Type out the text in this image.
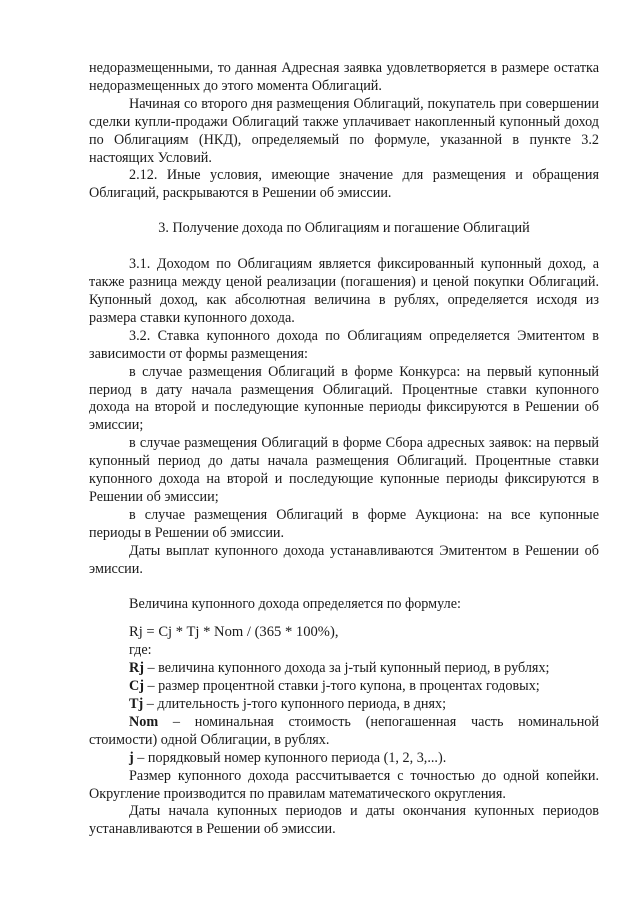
недоразмещенными, то данная Адресная заявка удовлетворяется в размере остатка недоразмещенных до этого момента Облигаций.

Начиная со второго дня размещения Облигаций, покупатель при совершении сделки купли-продажи Облигаций также уплачивает накопленный купонный доход по Облигациям (НКД), определяемый по формуле, указанной в пункте 3.2 настоящих Условий.

2.12. Иные условия, имеющие значение для размещения и обращения Облигаций, раскрываются в Решении об эмиссии.

3. Получение дохода по Облигациям и погашение Облигаций

3.1. Доходом по Облигациям является фиксированный купонный доход, а также разница между ценой реализации (погашения) и ценой покупки Облигаций. Купонный доход, как абсолютная величина в рублях, определяется исходя из размера ставки купонного дохода.

3.2. Ставка купонного дохода по Облигациям определяется Эмитентом в зависимости от формы размещения:

в случае размещения Облигаций в форме Конкурса: на первый купонный период в дату начала размещения Облигаций. Процентные ставки купонного дохода на второй и последующие купонные периоды фиксируются в Решении об эмиссии;

в случае размещения Облигаций в форме Сбора адресных заявок: на первый купонный период до даты начала размещения Облигаций. Процентные ставки купонного дохода на второй и последующие купонные периоды фиксируются в Решении об эмиссии;

в случае размещения Облигаций в форме Аукциона: на все купонные периоды в Решении об эмиссии.

Даты выплат купонного дохода устанавливаются Эмитентом в Решении об эмиссии.

Величина купонного дохода определяется по формуле:

Rj = Cj * Tj * Nom / (365 * 100%),

где:

Rj – величина купонного дохода за j-тый купонный период, в рублях;

Cj – размер процентной ставки j-того купона, в процентах годовых;

Tj – длительность j-того купонного периода, в днях;

Nom – номинальная стоимость (непогашенная часть номинальной стоимости) одной Облигации, в рублях.

j – порядковый номер купонного периода (1, 2, 3,...).

Размер купонного дохода рассчитывается с точностью до одной копейки. Округление производится по правилам математического округления.

Даты начала купонных периодов и даты окончания купонных периодов устанавливаются в Решении об эмиссии.
